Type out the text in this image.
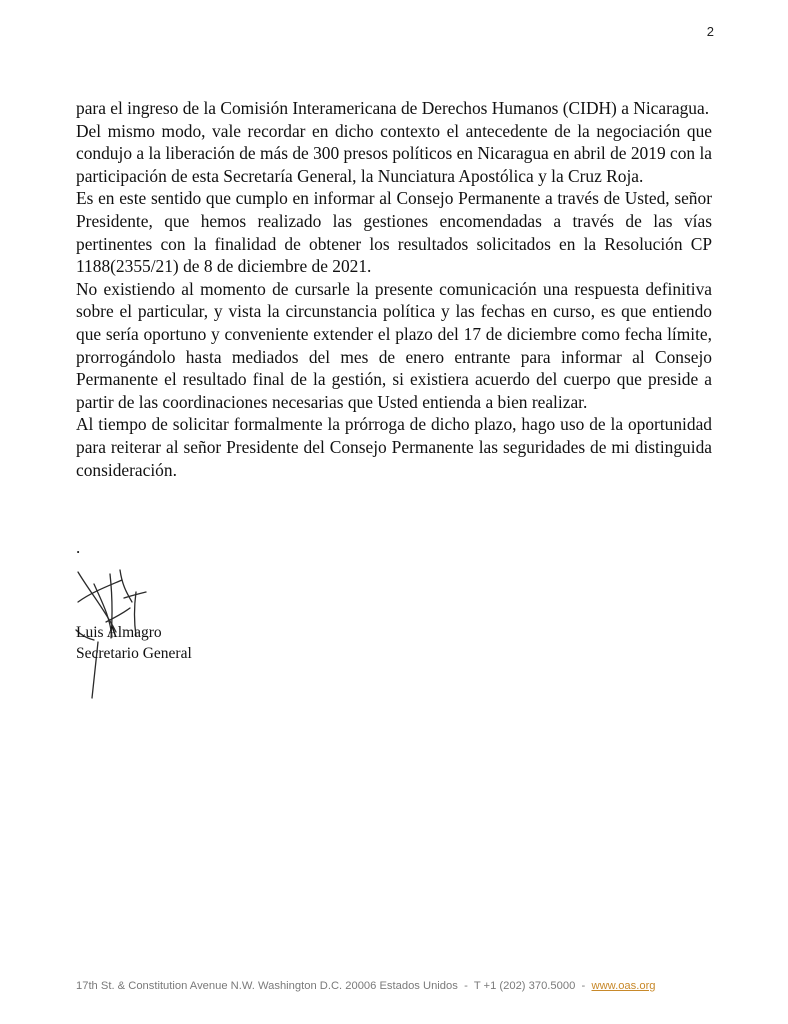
2

para el ingreso de la Comisión Interamericana de Derechos Humanos (CIDH) a Nicaragua.

Del mismo modo, vale recordar en dicho contexto el antecedente de la negociación que condujo a la liberación de más de 300 presos políticos en Nicaragua en abril de 2019 con la participación de esta Secretaría General, la Nunciatura Apostólica y la Cruz Roja.

Es en este sentido que cumplo en informar al Consejo Permanente a través de Usted, señor Presidente, que hemos realizado las gestiones encomendadas a través de las vías pertinentes con la finalidad de obtener los resultados solicitados en la Resolución CP 1188(2355/21) de 8 de diciembre de 2021.

No existiendo al momento de cursarle la presente comunicación una respuesta definitiva sobre el particular, y vista la circunstancia política y las fechas en curso, es que entiendo que sería oportuno y conveniente extender el plazo del 17 de diciembre como fecha límite, prorrogándolo hasta mediados del mes de enero entrante para informar al Consejo Permanente el resultado final de la gestión, si existiera acuerdo del cuerpo que preside a partir de las coordinaciones necesarias que Usted entienda a bien realizar.

Al tiempo de solicitar formalmente la prórroga de dicho plazo, hago uso de la oportunidad para reiterar al señor Presidente del Consejo Permanente las seguridades de mi distinguida consideración.

.
Luis Almagro
Secretario General
17th St. & Constitution Avenue N.W. Washington D.C. 20006 Estados Unidos - T +1 (202) 370.5000 - www.oas.org
